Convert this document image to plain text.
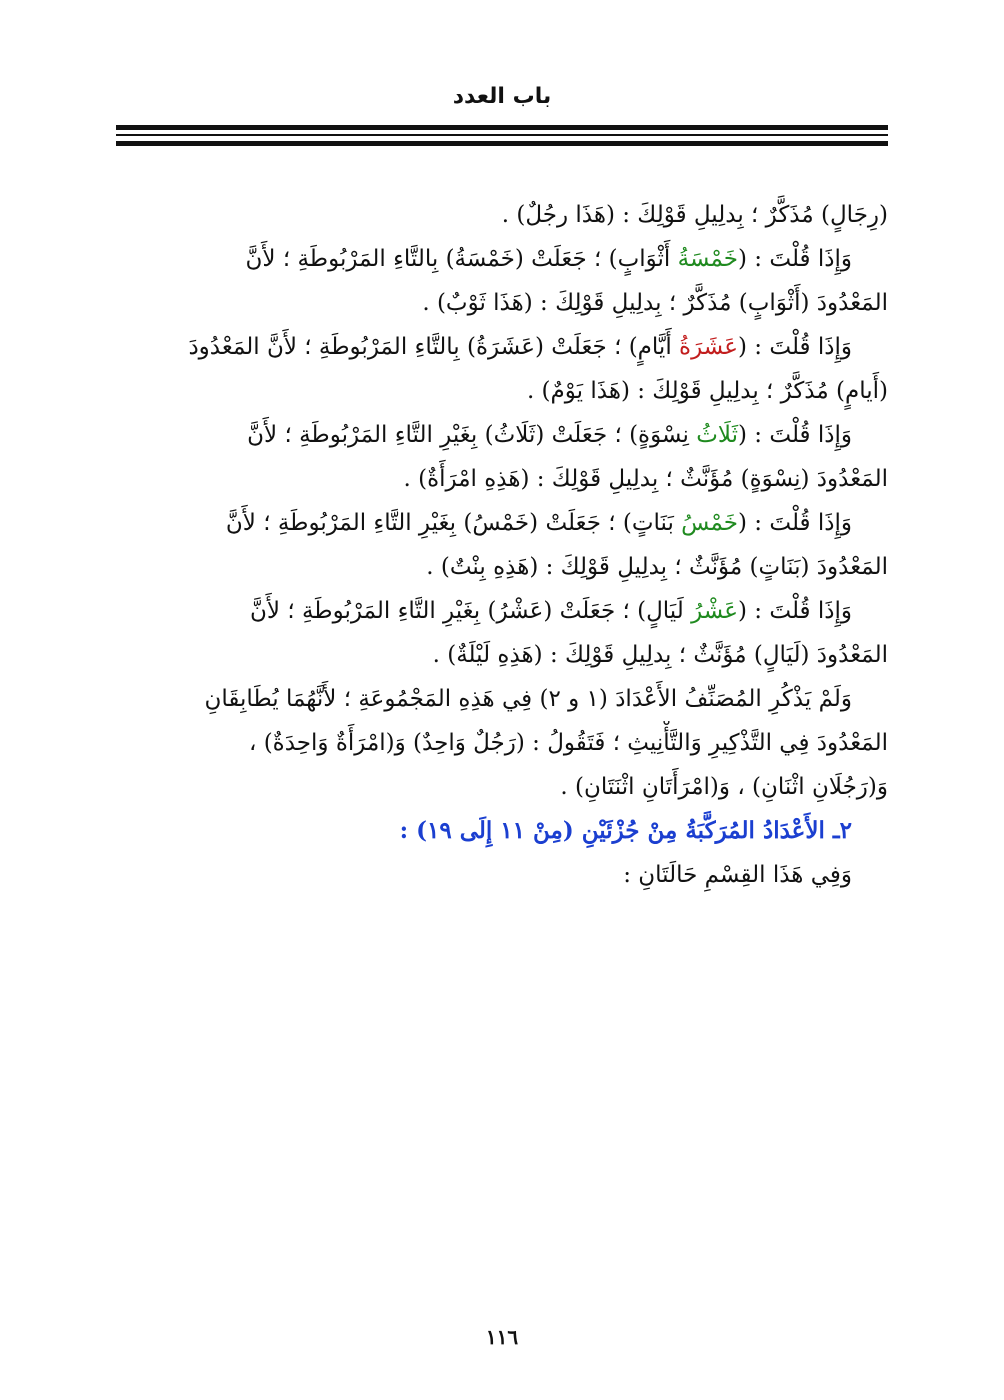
باب العدد
(رِجَالٍ) مُذَكَّرٌ ؛ بِدلِيلِ قَوْلِكَ : (هَذَا رجُلٌ) .
وَإِذَا قُلْتَ : (خَمْسَةُ أَثْوَابٍ) ؛ جَعَلَتْ (خَمْسَةُ) بِالتَّاءِ المَرْبُوطَةِ ؛ لأَنَّ
المَعْدُودَ (أَثْوَابٍ) مُذَكَّرٌ ؛ بِدلِيلِ قَوْلِكَ : (هَذَا ثَوْبٌ) .
وَإِذَا قُلْتَ : (عَشَرَةُ أَيَّامٍ) ؛ جَعَلَتْ (عَشَرَةُ) بِالتَّاءِ المَرْبُوطَةِ ؛ لأَنَّ المَعْدُودَ
(أَيامٍ) مُذَكَّرٌ ؛ بِدلِيلِ قَوْلِكَ : (هَذَا يَوْمٌ) .
وَإِذَا قُلْتَ : (ثَلَاثُ نِسْوَةٍ) ؛ جَعَلَتْ (ثَلَاثُ) بِغَيْرِ التَّاءِ المَرْبُوطَةِ ؛ لأَنَّ
المَعْدُودَ (نِسْوَةٍ) مُؤَنَّثٌ ؛ بِدلِيلِ قَوْلِكَ : (هَذِهِ امْرَأَةٌ) .
وَإِذَا قُلْتَ : (خَمْسُ بَنَاتٍ) ؛ جَعَلَتْ (خَمْسُ) بِغَيْرِ التَّاءِ المَرْبُوطَةِ ؛ لأَنَّ
المَعْدُودَ (بَنَاتٍ) مُؤَنَّثٌ ؛ بِدلِيلِ قَوْلِكَ : (هَذِهِ بِنْتٌ) .
وَإِذَا قُلْتَ : (عَشْرُ لَيَالٍ) ؛ جَعَلَتْ (عَشْرُ) بِغَيْرِ التَّاءِ المَرْبُوطَةِ ؛ لأَنَّ
المَعْدُودَ (لَيَالٍ) مُؤَنَّثٌ ؛ بِدلِيلِ قَوْلِكَ : (هَذِهِ لَيْلَةٌ) .
وَلَمْ يَذْكُرِ المُصَنِّفُ الأَعْدَادَ (١ و ٢) فِي هَذِهِ المَجْمُوعَةِ ؛ لأَنَّهُمَا يُطَابِقَانِ
المَعْدُودَ فِي التَّذْكِيرِ وَالتَّأْنِيثِ ؛ فَتَقُولُ : (رَجُلٌ وَاحِدٌ) وَ(امْرَأَةٌ وَاحِدَةٌ) ،
وَ(رَجُلَانِ اثْنَانِ) ، وَ(امْرَأَتَانِ اثْنَتَانِ) .
٢ـ الأَعْدَادُ المُرَكَّبَةُ مِنْ جُزْئَيْنِ (مِنْ ١١ إِلَى ١٩) :
وَفِي هَذَا القِسْمِ حَالَتَانِ :
١١٦
